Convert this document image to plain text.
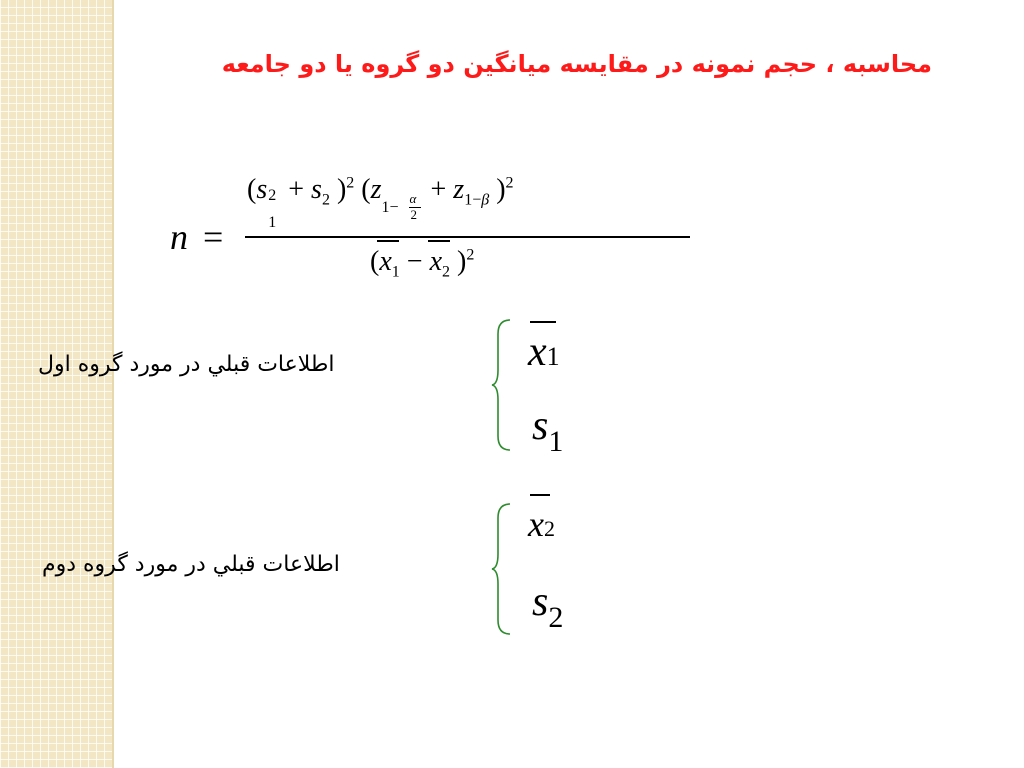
محاسبه ، حجم نمونه در مقايسه ميانگين دو گروه يا دو جامعه
n =
(s 2
1
+ $s_2$ )$^2$ (z
1−
α
2
+ $z_{1-\beta}$ )$^2$
(
$x_1 - x_2$ )$^2$
اطلاعات قبلي در مورد گروه اول	x1
$s_1$
اطلاعات قبلي در مورد گروه دوم
x2
$s_2$
